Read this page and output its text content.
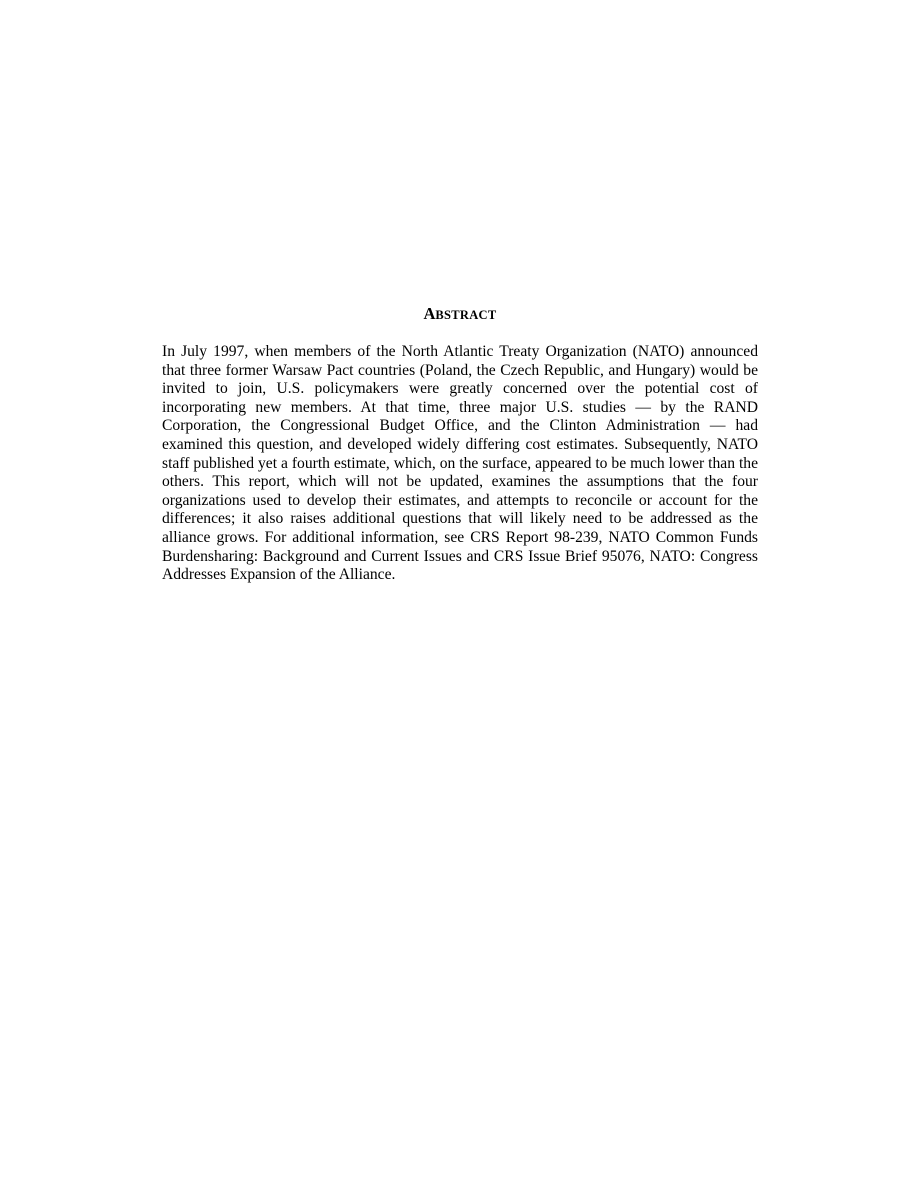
ABSTRACT

In July 1997, when members of the North Atlantic Treaty Organization (NATO) announced that three former Warsaw Pact countries (Poland, the Czech Republic, and Hungary) would be invited to join, U.S. policymakers were greatly concerned over the potential cost of incorporating new members. At that time, three major U.S. studies — by the RAND Corporation, the Congressional Budget Office, and the Clinton Administration — had examined this question, and developed widely differing cost estimates. Subsequently, NATO staff published yet a fourth estimate, which, on the surface, appeared to be much lower than the others. This report, which will not be updated, examines the assumptions that the four organizations used to develop their estimates, and attempts to reconcile or account for the differences; it also raises additional questions that will likely need to be addressed as the alliance grows. For additional information, see CRS Report 98-239, NATO Common Funds Burdensharing: Background and Current Issues and CRS Issue Brief 95076, NATO: Congress Addresses Expansion of the Alliance.
